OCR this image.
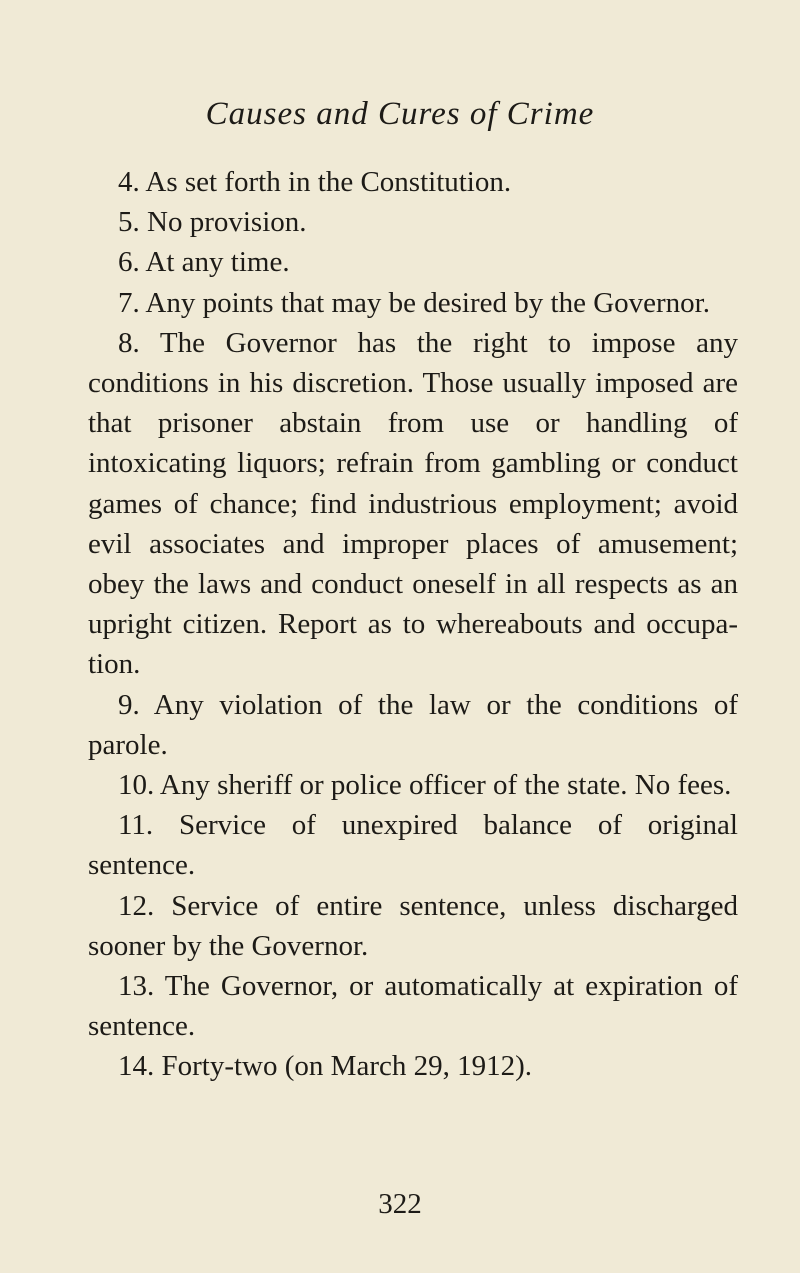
Causes and Cures of Crime

4. As set forth in the Constitution.

5. No provision.

6. At any time.

7. Any points that may be desired by the Governor.

8. The Governor has the right to impose any conditions in his discretion. Those usually imposed are that prisoner abstain from use or handling of intoxicating liquors; refrain from gambling or conduct games of chance; find industrious employment; avoid evil associates and improper places of amusement; obey the laws and conduct oneself in all respects as an upright citizen. Report as to whereabouts and occupation.

9. Any violation of the law or the conditions of parole.

10. Any sheriff or police officer of the state. No fees.

11. Service of unexpired balance of original sentence.

12. Service of entire sentence, unless discharged sooner by the Governor.

13. The Governor, or automatically at expiration of sentence.

14. Forty-two (on March 29, 1912).

322
